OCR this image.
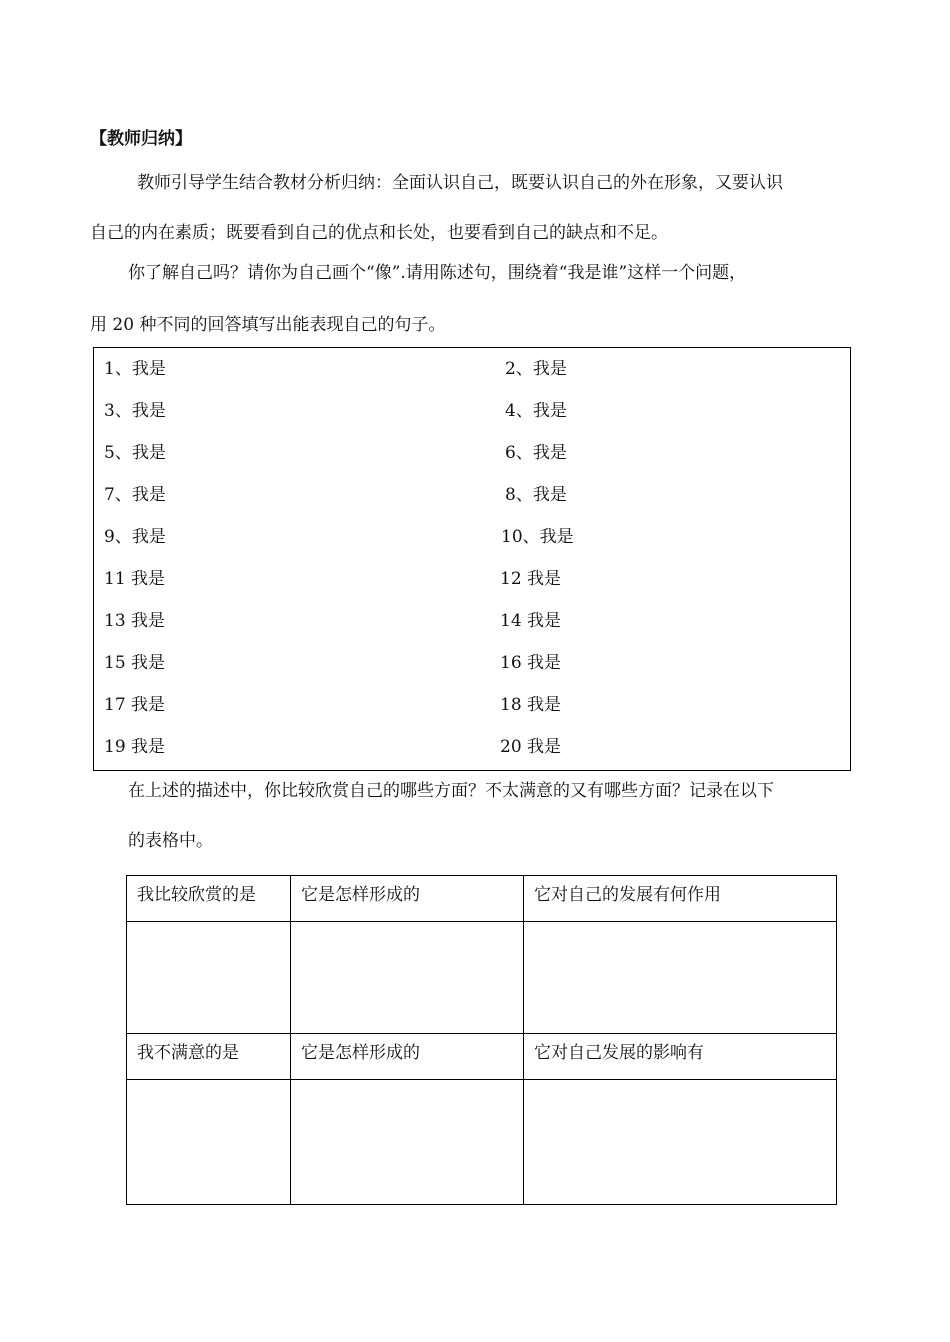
【教师归纳】
教师引导学生结合教材分析归纳：全面认识自己，既要认识自己的外在形象，又要认识
自己的内在素质；既要看到自己的优点和长处，也要看到自己的缺点和不足。
你了解自己吗？请你为自己画个“像”.请用陈述句，围绕着“我是谁”这样一个问题，
用 20 种不同的回答填写出能表现自己的句子。
1、我是	2、我是
3、我是	4、我是
5、我是	6、我是
7、我是	8、我是
9、我是	10、我是
11 我是	12 我是
13 我是	14 我是
15 我是	16 我是
17 我是	18 我是
19 我是	20 我是
在上述的描述中，你比较欣赏自己的哪些方面？不太满意的又有哪些方面？记录在以下
的表格中。
我比较欣赏的是	它是怎样形成的	它对自己的发展有何作用

我不满意的是	它是怎样形成的	它对自己发展的影响有
